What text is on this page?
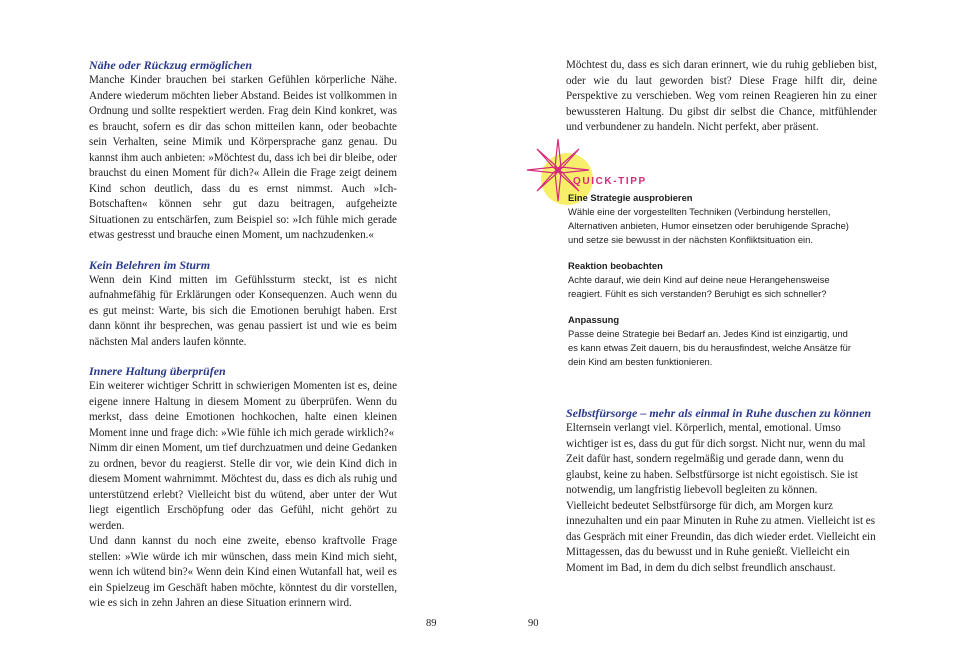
Nähe oder Rückzug ermöglichen

Manche Kinder brauchen bei starken Gefühlen körperliche Nähe. Andere wiederum möchten lieber Abstand. Beides ist vollkommen in Ordnung und sollte respektiert werden. Frag dein Kind konkret, was es braucht, sofern es dir das schon mitteilen kann, oder beobachte sein Verhalten, seine Mimik und Körpersprache ganz genau. Du kannst ihm auch anbieten: »Möchtest du, dass ich bei dir bleibe, oder brauchst du einen Moment für dich?« Allein die Frage zeigt deinem Kind schon deutlich, dass du es ernst nimmst. Auch »Ich-Botschaften« können sehr gut dazu beitragen, aufgeheizte Situationen zu entschärfen, zum Beispiel so: »Ich fühle mich gerade etwas gestresst und brauche einen Moment, um nachzudenken.«

Kein Belehren im Sturm

Wenn dein Kind mitten im Gefühlssturm steckt, ist es nicht aufnahmefähig für Erklärungen oder Konsequenzen. Auch wenn du es gut meinst: Warte, bis sich die Emotionen beruhigt haben. Erst dann könnt ihr besprechen, was genau passiert ist und wie es beim nächsten Mal anders laufen könnte.

Innere Haltung überprüfen

Ein weiterer wichtiger Schritt in schwierigen Momenten ist es, deine eigene innere Haltung in diesem Moment zu überprüfen. Wenn du merkst, dass deine Emotionen hochkochen, halte einen kleinen Moment inne und frage dich: »Wie fühle ich mich gerade wirklich?«

Nimm dir einen Moment, um tief durchzuatmen und deine Gedanken zu ordnen, bevor du reagierst. Stelle dir vor, wie dein Kind dich in diesem Moment wahrnimmt. Möchtest du, dass es dich als ruhig und unterstützend erlebt? Vielleicht bist du wütend, aber unter der Wut liegt eigentlich Erschöpfung oder das Gefühl, nicht gehört zu werden.

Und dann kannst du noch eine zweite, ebenso kraftvolle Frage stellen: »Wie würde ich mir wünschen, dass mein Kind mich sieht, wenn ich wütend bin?« Wenn dein Kind einen Wutanfall hat, weil es ein Spielzeug im Geschäft haben möchte, könntest du dir vorstellen, wie es sich in zehn Jahren an diese Situation erinnern wird.

89

Möchtest du, dass es sich daran erinnert, wie du ruhig geblieben bist, oder wie du laut geworden bist? Diese Frage hilft dir, deine Perspektive zu verschieben. Weg vom reinen Reagieren hin zu einer bewussteren Haltung. Du gibst dir selbst die Chance, mitfühlender und verbundener zu handeln. Nicht perfekt, aber präsent.

QUICK-TIPP

Eine Strategie ausprobieren

Wähle eine der vorgestellten Techniken (Verbindung herstellen, Alternativen anbieten, Humor einsetzen oder beruhigende Sprache) und setze sie bewusst in der nächsten Konfliktsituation ein.

Reaktion beobachten

Achte darauf, wie dein Kind auf deine neue Herangehensweise reagiert. Fühlt es sich verstanden? Beruhigt es sich schneller?

Anpassung

Passe deine Strategie bei Bedarf an. Jedes Kind ist einzigartig, und es kann etwas Zeit dauern, bis du herausfindest, welche Ansätze für dein Kind am besten funktionieren.

Selbstfürsorge – mehr als einmal in Ruhe duschen zu können

Elternsein verlangt viel. Körperlich, mental, emotional. Umso wichtiger ist es, dass du gut für dich sorgst. Nicht nur, wenn du mal Zeit dafür hast, sondern regelmäßig und gerade dann, wenn du glaubst, keine zu haben. Selbstfürsorge ist nicht egoistisch. Sie ist notwendig, um langfristig liebevoll begleiten zu können.

Vielleicht bedeutet Selbstfürsorge für dich, am Morgen kurz innezuhalten und ein paar Minuten in Ruhe zu atmen. Vielleicht ist es das Gespräch mit einer Freundin, das dich wieder erdet. Vielleicht ein Mittagessen, das du bewusst und in Ruhe genießt. Vielleicht ein Moment im Bad, in dem du dich selbst freundlich anschaust.

90
